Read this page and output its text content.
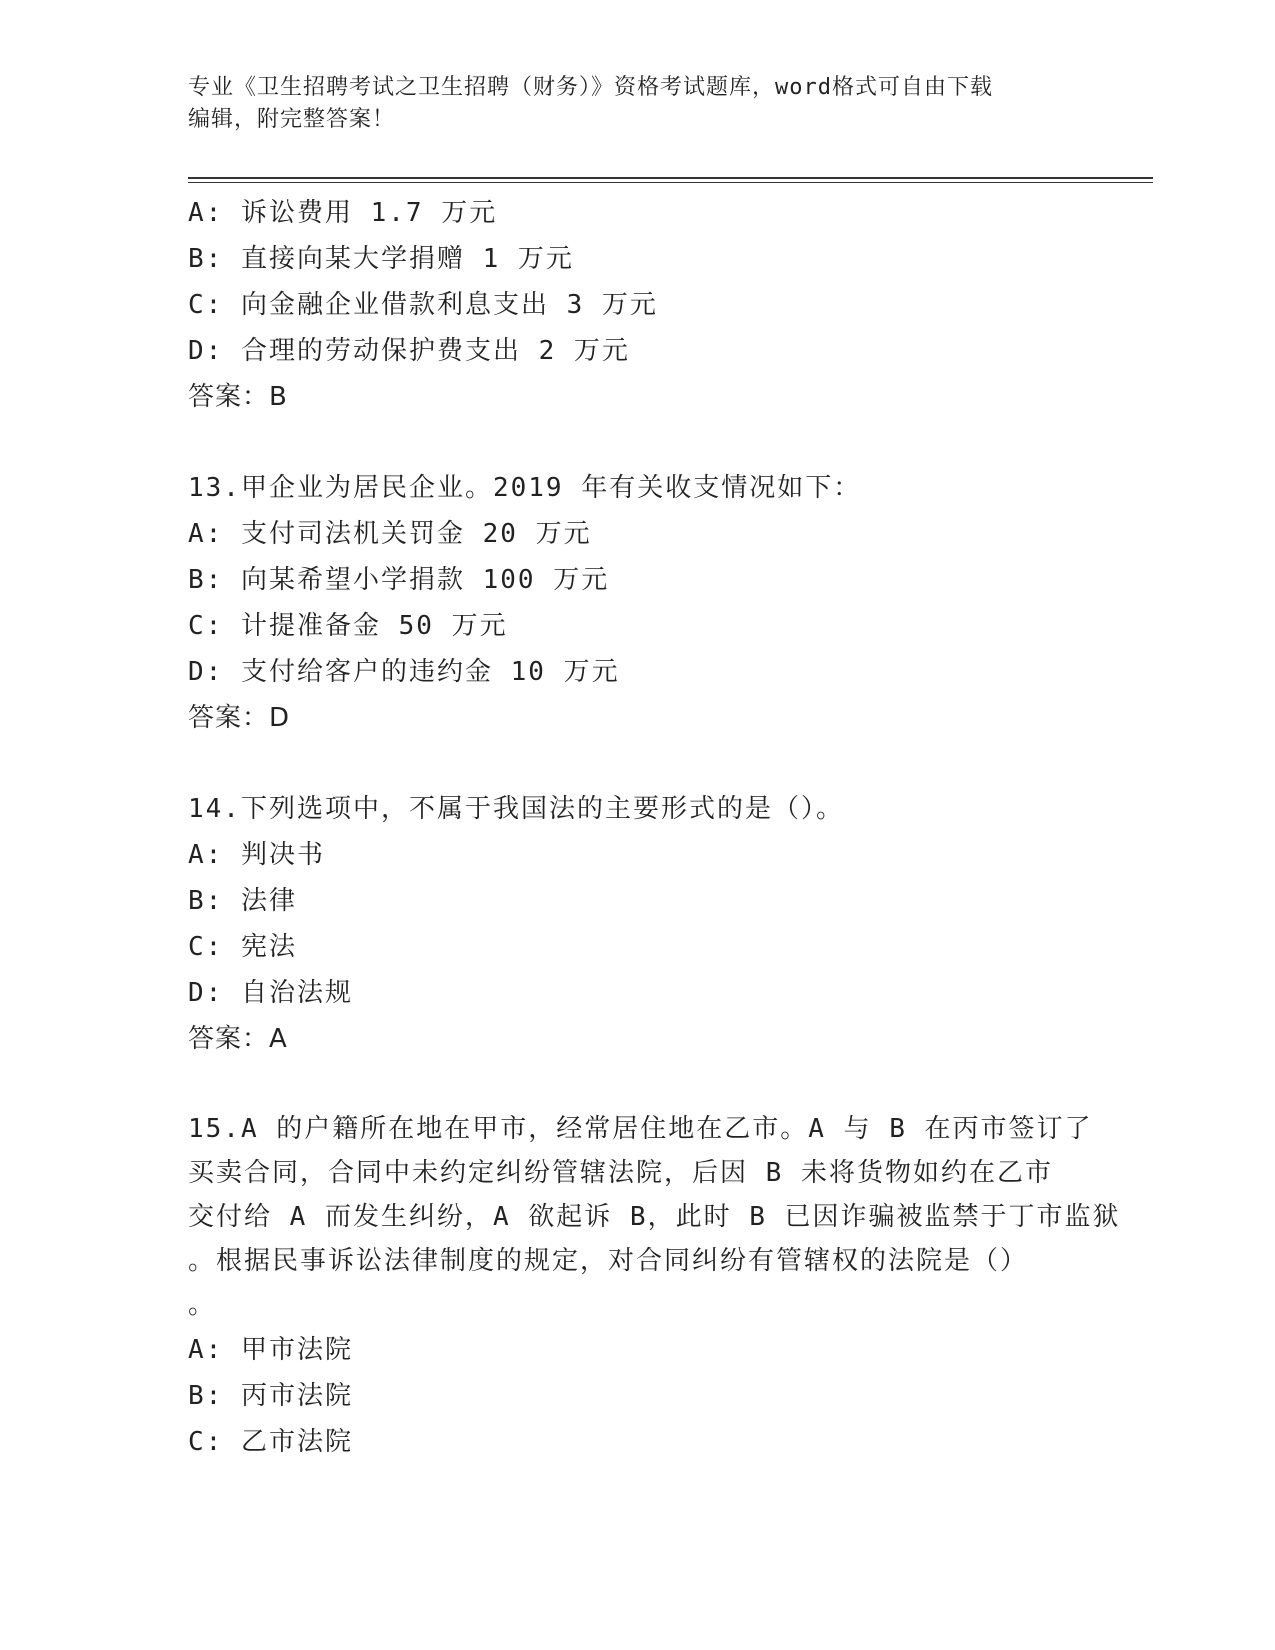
专业《卫生招聘考试之卫生招聘（财务）》资格考试题库，word格式可自由下载
编辑，附完整答案！
A: 诉讼费用 1.7 万元
B: 直接向某大学捐赠 1 万元
C: 向金融企业借款利息支出 3 万元
D: 合理的劳动保护费支出 2 万元
答案：B
13.甲企业为居民企业。2019 年有关收支情况如下：
A: 支付司法机关罚金 20 万元
B: 向某希望小学捐款 100 万元
C: 计提准备金 50 万元
D: 支付给客户的违约金 10 万元
答案：D
14.下列选项中，不属于我国法的主要形式的是（）。
A: 判决书
B: 法律
C: 宪法
D: 自治法规
答案：A
15.A 的户籍所在地在甲市，经常居住地在乙市。A 与 B 在丙市签订了
买卖合同，合同中未约定纠纷管辖法院，后因 B 未将货物如约在乙市
交付给 A 而发生纠纷，A 欲起诉 B，此时 B 已因诈骗被监禁于丁市监狱
。根据民事诉讼法律制度的规定，对合同纠纷有管辖权的法院是（）
。
A: 甲市法院
B: 丙市法院
C: 乙市法院
